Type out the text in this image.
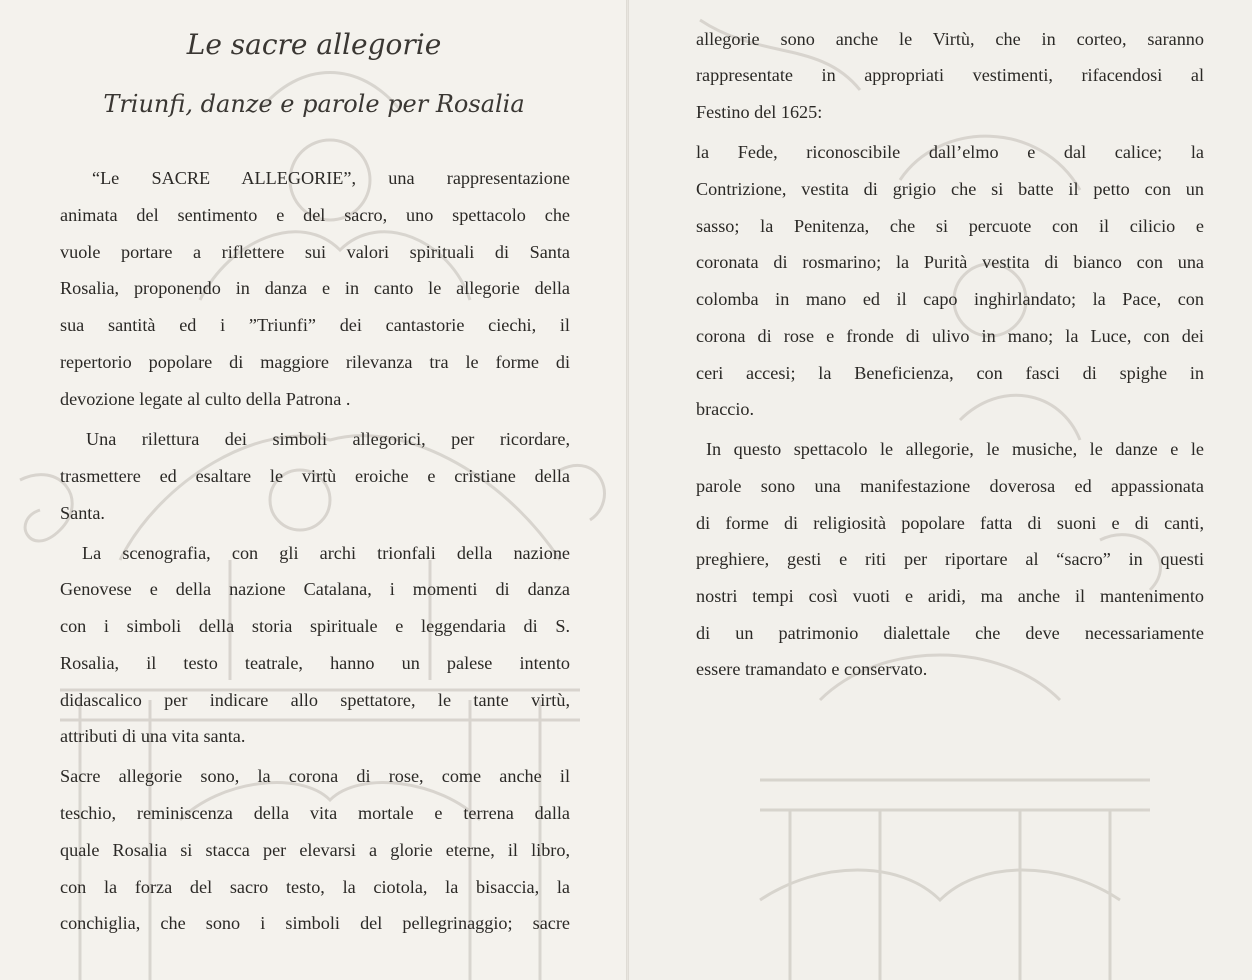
Le sacre allegorie
Triunfi, danze e parole per Rosalia

“Le SACRE ALLEGORIE”, una rappresentazione

animata del sentimento e del sacro, uno spettacolo che

vuole portare a riflettere sui valori spirituali di Santa

Rosalia, proponendo in danza e in canto le allegorie della

sua santità ed i ”Triunfi” dei cantastorie ciechi, il

repertorio popolare di maggiore rilevanza tra le forme di

devozione legate al culto della Patrona .

Una rilettura dei simboli allegorici, per ricordare,

trasmettere ed esaltare le virtù eroiche e cristiane della

Santa.

La scenografia, con gli archi trionfali della nazione

Genovese e della nazione Catalana, i momenti di danza

con i simboli della storia spirituale e leggendaria di S.

Rosalia, il testo teatrale, hanno un palese intento

didascalico per indicare allo spettatore, le tante virtù,

attributi di una vita santa.

Sacre allegorie sono, la corona di rose, come anche il

teschio, reminiscenza della vita mortale e terrena dalla

quale Rosalia si stacca per elevarsi a glorie eterne, il libro,

con la forza del sacro testo, la ciotola, la bisaccia, la

conchiglia, che sono i simboli del pellegrinaggio; sacre

allegorie sono anche le Virtù, che in corteo, saranno

rappresentate in appropriati vestimenti, rifacendosi al

Festino del 1625:

la Fede, riconoscibile dall’elmo e dal calice; la

Contrizione, vestita di grigio che si batte il petto con un

sasso; la Penitenza, che si percuote con il cilicio e

coronata di rosmarino; la Purità vestita di bianco con una

colomba in mano ed il capo inghirlandato; la Pace, con

corona di rose e fronde di ulivo in mano; la Luce, con dei

ceri accesi; la Beneficienza, con fasci di spighe in

braccio.

In questo spettacolo le allegorie, le musiche, le danze e le

parole sono una manifestazione doverosa ed appassionata

di forme di religiosità popolare fatta di suoni e di canti,

preghiere, gesti e riti per riportare al “sacro” in questi

nostri tempi così vuoti e aridi, ma anche il mantenimento

di un patrimonio dialettale che deve necessariamente

essere tramandato e conservato.
